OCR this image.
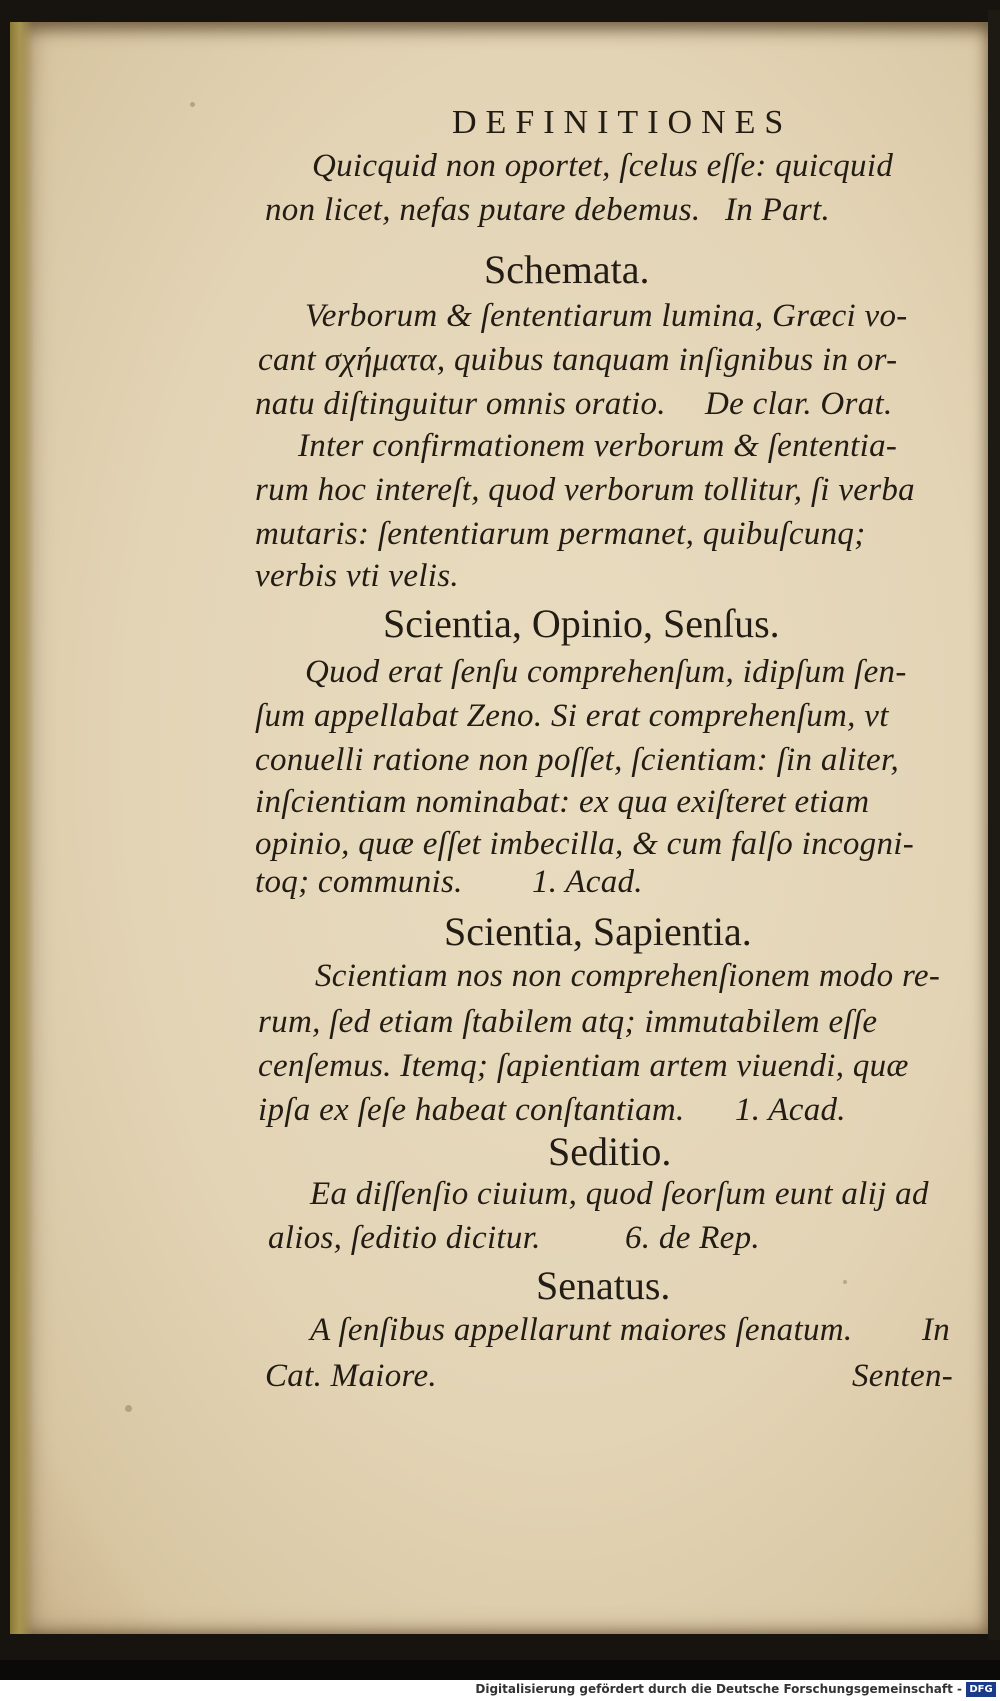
DEFINITIONES
Quicquid non oportet, ſcelus eſſe: quicquid
non licet, nefas putare debemus. In Part.
Schemata.
Verborum & ſententiarum lumina, Græci vo-
cant σχήματα, quibus tanquam inſignibus in or-
natu diſtinguitur omnis oratio. De clar. Orat.
Inter confirmationem verborum & ſententia-
rum hoc intereſt, quod verborum tollitur, ſi verba
mutaris: ſententiarum permanet, quibuſcunq;
verbis vti velis.
Scientia, Opinio, Senſus.
Quod erat ſenſu comprehenſum, idipſum ſen-
ſum appellabat Zeno. Si erat comprehenſum, vt
conuelli ratione non poſſet, ſcientiam: ſin aliter,
inſcientiam nominabat: ex qua exiſteret etiam
opinio, quæ eſſet imbecilla, & cum falſo incogni-
toq; communis. 1. Acad.
Scientia, Sapientia.
Scientiam nos non comprehenſionem modo re-
rum, ſed etiam ſtabilem atq; immutabilem eſſe
cenſemus. Itemq; ſapientiam artem viuendi, quæ
ipſa ex ſeſe habeat conſtantiam. 1. Acad.
Seditio.
Ea diſſenſio ciuium, quod ſeorſum eunt alij ad
alios, ſeditio dicitur.	6. de Rep.
Senatus.
A ſenſibus appellarunt maiores ſenatum. In
Cat. Maiore.	Senten-
Digitalisierung gefördert durch die Deutsche Forschungsgemeinschaft - DFG
